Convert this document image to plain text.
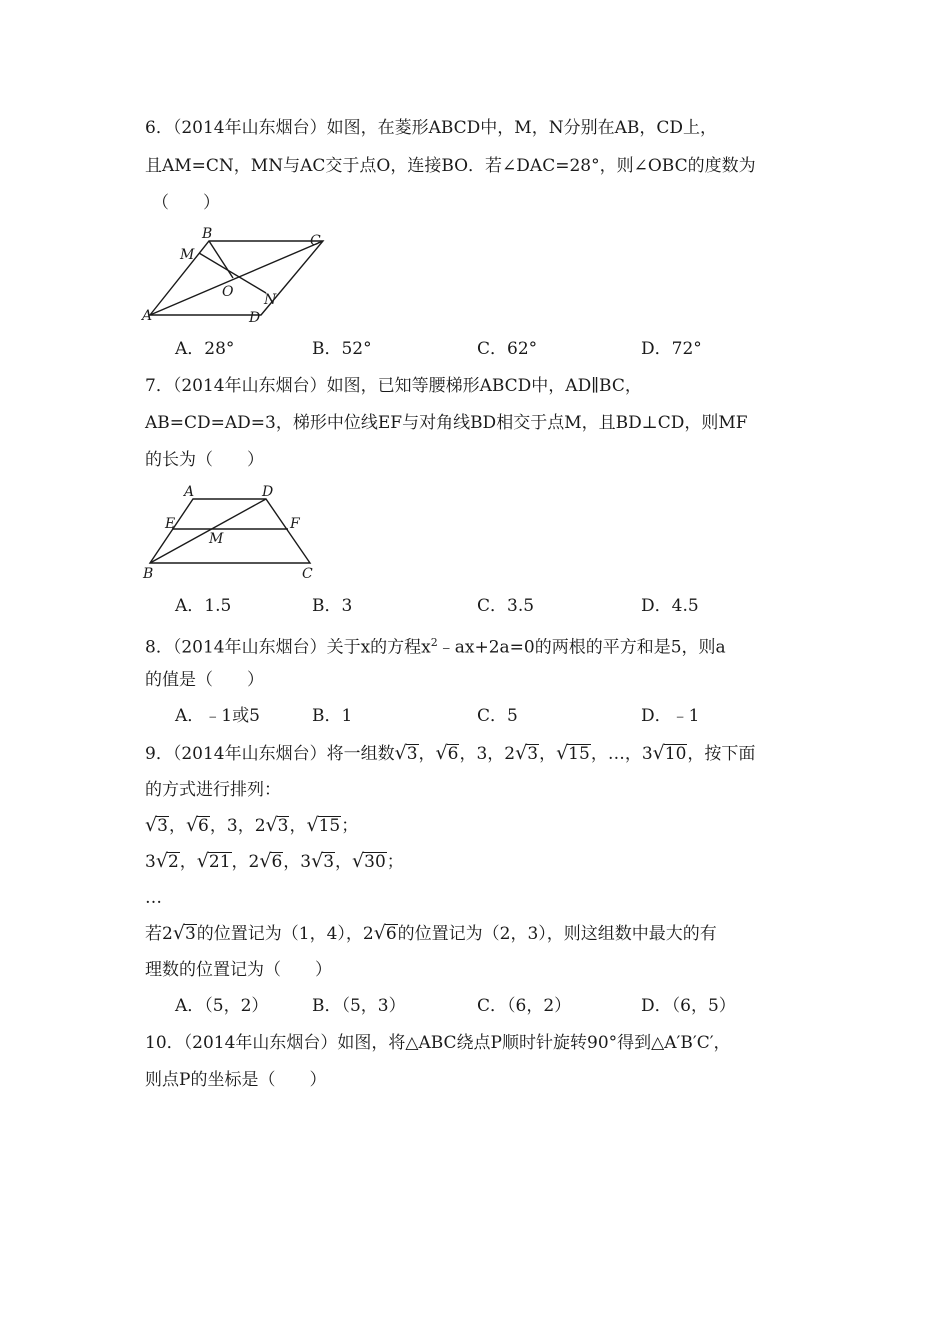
6．（2014年山东烟台）如图，在菱形ABCD中，M，N分别在AB，CD上，
且AM=CN，MN与AC交于点O，连接BO．若∠DAC=28°，则∠OBC的度数为
（　　）
A
B	C
D
M
N
O
A．28°	B．52°	C．62°	D．72°
7．（2014年山东烟台）如图，已知等腰梯形ABCD中，AD∥BC，
AB=CD=AD=3，梯形中位线EF与对角线BD相交于点M，且BD⊥CD，则MF
的长为（　　）
A	D
E	F
M
B	C
A．1.5	B．3	C．3.5	D．4.5
8．（2014年山东烟台）关于x的方程$x^2﹣ax+2a=0$的两根的平方和是5，则a
的值是（　　）
A．﹣1或5	B．1	C．5	D．﹣1
9．（2014年山东烟台）将一组数√3，√6，3，2√3，√15，…，3√10，按下面
的方式进行排列：
√3，√6，3，2√3，√15；
3√2，√21，2√6，3√3，√30；
…
若2√3的位置记为（1，4），2√6的位置记为（2，3），则这组数中最大的有
理数的位置记为（　　）
A．（5，2）	B．（5，3）	C．（6，2）	D．（6，5）
10．（2014年山东烟台）如图，将△ABC绕点P顺时针旋转90°得到△A′B′C′，
则点P的坐标是（　　）
